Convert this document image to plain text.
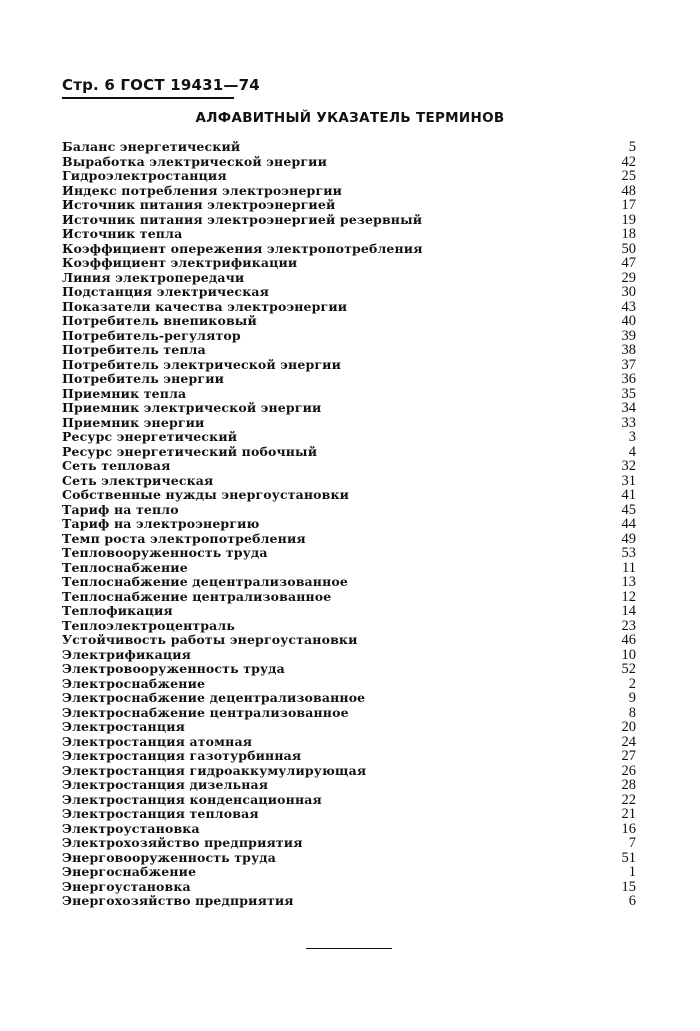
Стр. 6 ГОСТ 19431—74
АЛФАВИТНЫЙ УКАЗАТЕЛЬ ТЕРМИНОВ
Баланс энергетический	5
Выработка электрической энергии	42
Гидроэлектростанция	25
Индекс потребления электроэнергии	48
Источник питания электроэнергией	17
Источник питания электроэнергией резервный	19
Источник тепла	18
Коэффициент опережения электропотребления	50
Коэффициент электрификации	47
Линия электропередачи	29
Подстанция электрическая	30
Показатели качества электроэнергии	43
Потребитель внепиковый	40
Потребитель-регулятор	39
Потребитель тепла	38
Потребитель электрической энергии	37
Потребитель энергии	36
Приемник тепла	35
Приемник электрической энергии	34
Приемник энергии	33
Ресурс энергетический	3
Ресурс энергетический побочный	4
Сеть тепловая	32
Сеть электрическая	31
Собственные нужды энергоустановки	41
Тариф на тепло	45
Тариф на электроэнергию	44
Темп роста электропотребления	49
Тепловооруженность труда	53
Теплоснабжение	11
Теплоснабжение децентрализованное	13
Теплоснабжение централизованное	12
Теплофикация	14
Теплоэлектроцентраль	23
Устойчивость работы энергоустановки	46
Электрификация	10
Электровооруженность труда	52
Электроснабжение	2
Электроснабжение децентрализованное	9
Электроснабжение централизованное	8
Электростанция	20
Электростанция атомная	24
Электростанция газотурбинная	27
Электростанция гидроаккумулирующая	26
Электростанция дизельная	28
Электростанция конденсационная	22
Электростанция тепловая	21
Электроустановка	16
Электрохозяйство предприятия	7
Энерговооруженность труда	51
Энергоснабжение	1
Энергоустановка	15
Энергохозяйство предприятия	6
